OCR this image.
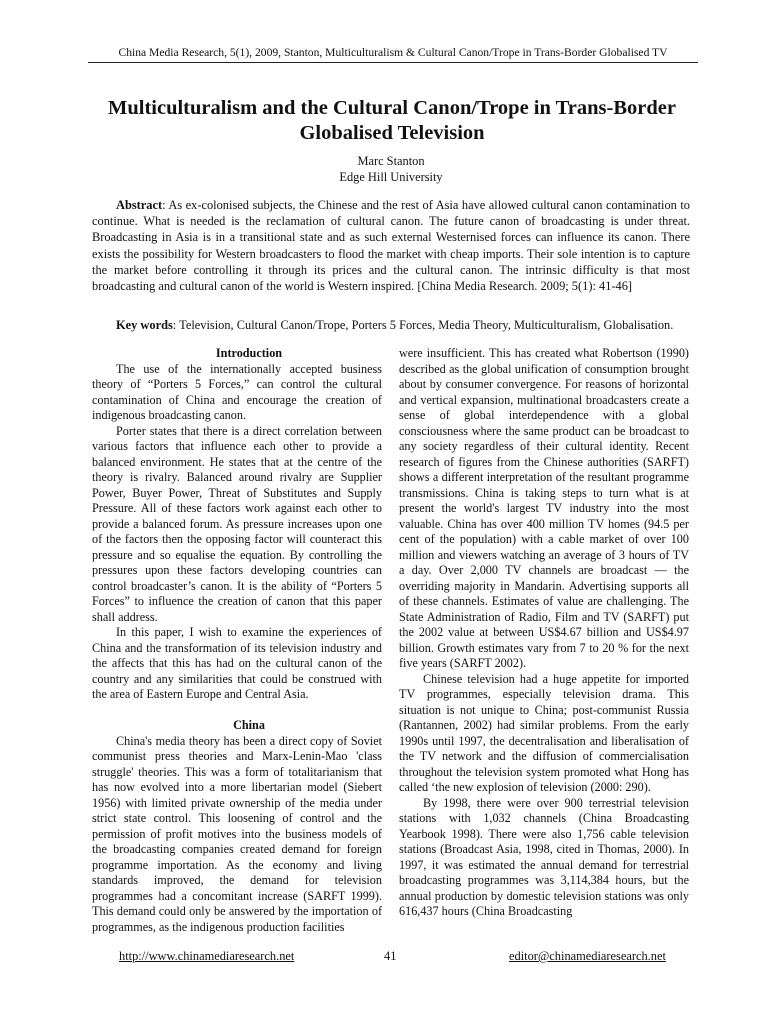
China Media Research, 5(1), 2009, Stanton, Multiculturalism & Cultural Canon/Trope in Trans-Border Globalised TV
Multiculturalism and the Cultural Canon/Trope in Trans-Border Globalised Television
Marc Stanton
Edge Hill University

Abstract: As ex-colonised subjects, the Chinese and the rest of Asia have allowed cultural canon contamination to continue. What is needed is the reclamation of cultural canon. The future canon of broadcasting is under threat. Broadcasting in Asia is in a transitional state and as such external Westernised forces can influence its canon. There exists the possibility for Western broadcasters to flood the market with cheap imports. Their sole intention is to capture the market before controlling it through its prices and the cultural canon. The intrinsic difficulty is that most broadcasting and cultural canon of the world is Western inspired. [China Media Research. 2009; 5(1): 41-46]

Key words: Television, Cultural Canon/Trope, Porters 5 Forces, Media Theory, Multiculturalism, Globalisation.

Introduction

The use of the internationally accepted business theory of “Porters 5 Forces,” can control the cultural contamination of China and encourage the creation of indigenous broadcasting canon.

Porter states that there is a direct correlation between various factors that influence each other to provide a balanced environment. He states that at the centre of the theory is rivalry. Balanced around rivalry are Supplier Power, Buyer Power, Threat of Substitutes and Supply Pressure. All of these factors work against each other to provide a balanced forum. As pressure increases upon one of the factors then the opposing factor will counteract this pressure and so equalise the equation. By controlling the pressures upon these factors developing countries can control broadcaster’s canon. It is the ability of “Porters 5 Forces” to influence the creation of canon that this paper shall address.

In this paper, I wish to examine the experiences of China and the transformation of its television industry and the affects that this has had on the cultural canon of the country and any similarities that could be construed with the area of Eastern Europe and Central Asia.

China

China's media theory has been a direct copy of Soviet communist press theories and Marx-Lenin-Mao 'class struggle' theories. This was a form of totalitarianism that has now evolved into a more libertarian model (Siebert 1956) with limited private ownership of the media under strict state control. This loosening of control and the permission of profit motives into the business models of the broadcasting companies created demand for foreign programme importation. As the economy and living standards improved, the demand for television programmes had a concomitant increase (SARFT 1999). This demand could only be answered by the importation of programmes, as the indigenous production facilities

were insufficient. This has created what Robertson (1990) described as the global unification of consumption brought about by consumer convergence. For reasons of horizontal and vertical expansion, multinational broadcasters create a sense of global interdependence with a global consciousness where the same product can be broadcast to any society regardless of their cultural identity. Recent research of figures from the Chinese authorities (SARFT) shows a different interpretation of the resultant programme transmissions. China is taking steps to turn what is at present the world's largest TV industry into the most valuable. China has over 400 million TV homes (94.5 per cent of the population) with a cable market of over 100 million and viewers watching an average of 3 hours of TV a day. Over 2,000 TV channels are broadcast — the overriding majority in Mandarin. Advertising supports all of these channels. Estimates of value are challenging. The State Administration of Radio, Film and TV (SARFT) put the 2002 value at between US$4.67 billion and US$4.97 billion. Growth estimates vary from 7 to 20 % for the next five years (SARFT 2002).

Chinese television had a huge appetite for imported TV programmes, especially television drama. This situation is not unique to China; post-communist Russia (Rantannen, 2002) had similar problems. From the early 1990s until 1997, the decentralisation and liberalisation of the TV network and the diffusion of commercialisation throughout the television system promoted what Hong has called ‘the new explosion of television (2000: 290).

By 1998, there were over 900 terrestrial television stations with 1,032 channels (China Broadcasting Yearbook 1998). There were also 1,756 cable television stations (Broadcast Asia, 1998, cited in Thomas, 2000). In 1997, it was estimated the annual demand for terrestrial broadcasting programmes was 3,114,384 hours, but the annual production by domestic television stations was only 616,437 hours (China Broadcasting

http://www.chinamediaresearch.net	41	editor@chinamediaresearch.net
